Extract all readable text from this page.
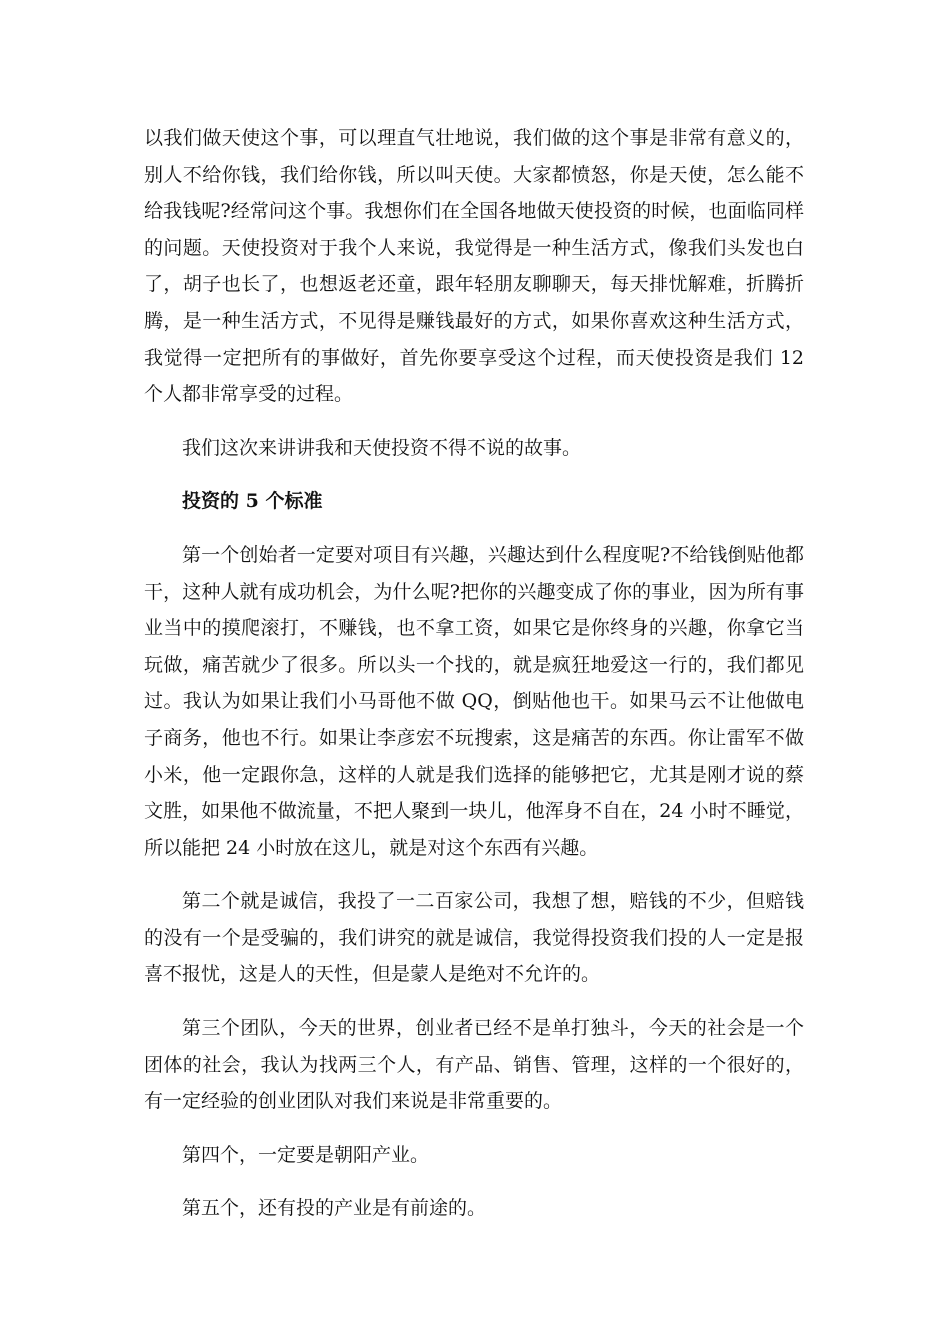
以我们做天使这个事，可以理直气壮地说，我们做的这个事是非常有意义的，别人不给你钱，我们给你钱，所以叫天使。大家都愤怒，你是天使，怎么能不给我钱呢?经常问这个事。我想你们在全国各地做天使投资的时候，也面临同样的问题。天使投资对于我个人来说，我觉得是一种生活方式，像我们头发也白了，胡子也长了，也想返老还童，跟年轻朋友聊聊天，每天排忧解难，折腾折腾，是一种生活方式，不见得是赚钱最好的方式，如果你喜欢这种生活方式，我觉得一定把所有的事做好，首先你要享受这个过程，而天使投资是我们 12 个人都非常享受的过程。

我们这次来讲讲我和天使投资不得不说的故事。

投资的 5 个标准

第一个创始者一定要对项目有兴趣，兴趣达到什么程度呢?不给钱倒贴他都干，这种人就有成功机会，为什么呢?把你的兴趣变成了你的事业，因为所有事业当中的摸爬滚打，不赚钱，也不拿工资，如果它是你终身的兴趣，你拿它当玩做，痛苦就少了很多。所以头一个找的，就是疯狂地爱这一行的，我们都见过。我认为如果让我们小马哥他不做 QQ，倒贴他也干。如果马云不让他做电子商务，他也不行。如果让李彦宏不玩搜索，这是痛苦的东西。你让雷军不做小米，他一定跟你急，这样的人就是我们选择的能够把它，尤其是刚才说的蔡文胜，如果他不做流量，不把人聚到一块儿，他浑身不自在，24 小时不睡觉，所以能把 24 小时放在这儿，就是对这个东西有兴趣。

第二个就是诚信，我投了一二百家公司，我想了想，赔钱的不少，但赔钱的没有一个是受骗的，我们讲究的就是诚信，我觉得投资我们投的人一定是报喜不报忧，这是人的天性，但是蒙人是绝对不允许的。

第三个团队，今天的世界，创业者已经不是单打独斗，今天的社会是一个团体的社会，我认为找两三个人，有产品、销售、管理，这样的一个很好的，有一定经验的创业团队对我们来说是非常重要的。

第四个，一定要是朝阳产业。

第五个，还有投的产业是有前途的。
